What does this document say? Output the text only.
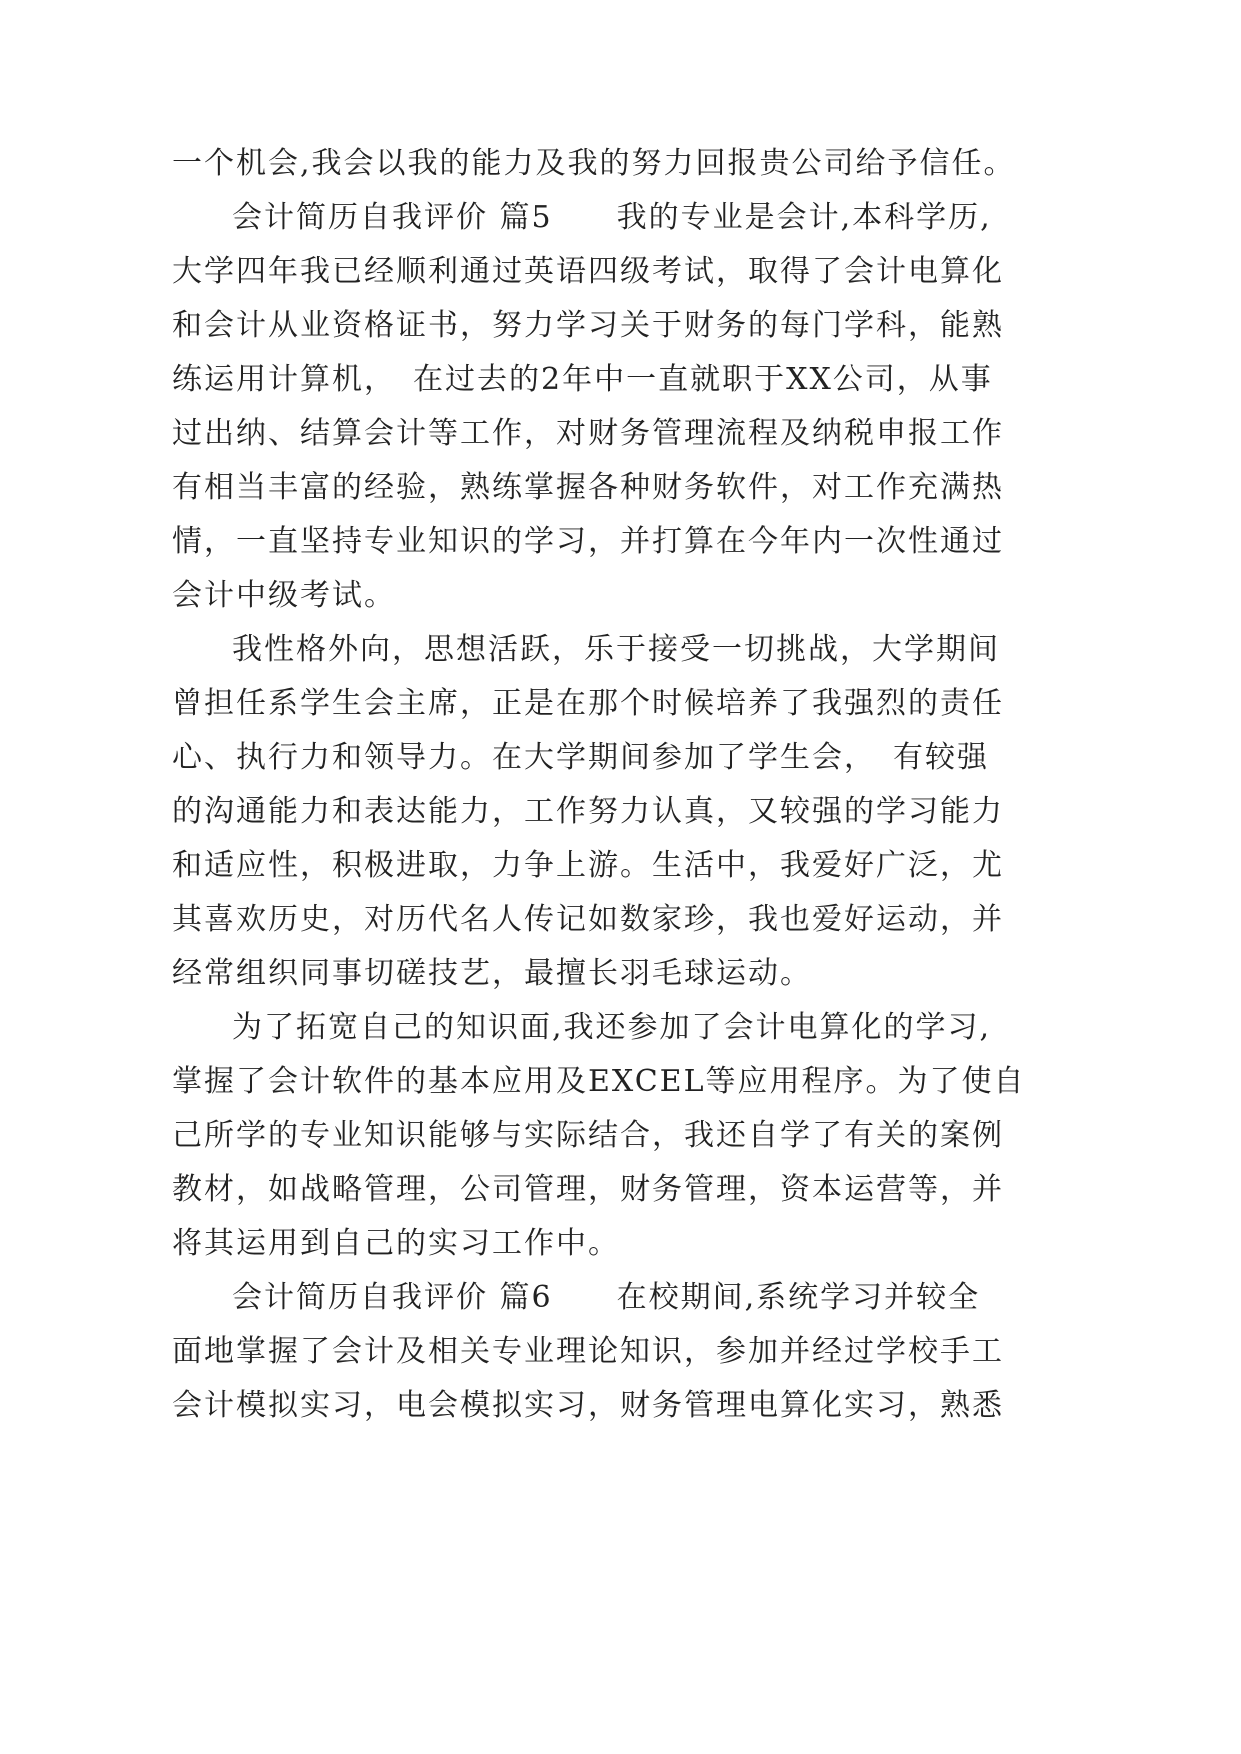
一个机会,我会以我的能力及我的努力回报贵公司给予信任。
会计简历自我评价 篇5　　我的专业是会计,本科学历,
大学四年我已经顺利通过英语四级考试，取得了会计电算化
和会计从业资格证书，努力学习关于财务的每门学科，能熟
练运用计算机，　在过去的2年中一直就职于XX公司，从事
过出纳、结算会计等工作，对财务管理流程及纳税申报工作
有相当丰富的经验，熟练掌握各种财务软件，对工作充满热
情，一直坚持专业知识的学习，并打算在今年内一次性通过
会计中级考试。
我性格外向，思想活跃，乐于接受一切挑战，大学期间
曾担任系学生会主席，正是在那个时候培养了我强烈的责任
心、执行力和领导力。在大学期间参加了学生会，　有较强
的沟通能力和表达能力，工作努力认真，又较强的学习能力
和适应性，积极进取，力争上游。生活中，我爱好广泛，尤
其喜欢历史，对历代名人传记如数家珍，我也爱好运动，并
经常组织同事切磋技艺，最擅长羽毛球运动。
为了拓宽自己的知识面,我还参加了会计电算化的学习,
掌握了会计软件的基本应用及EXCEL等应用程序。为了使自
己所学的专业知识能够与实际结合，我还自学了有关的案例
教材，如战略管理，公司管理，财务管理，资本运营等，并
将其运用到自己的实习工作中。
会计简历自我评价 篇6　　在校期间,系统学习并较全
面地掌握了会计及相关专业理论知识，参加并经过学校手工
会计模拟实习，电会模拟实习，财务管理电算化实习，熟悉
